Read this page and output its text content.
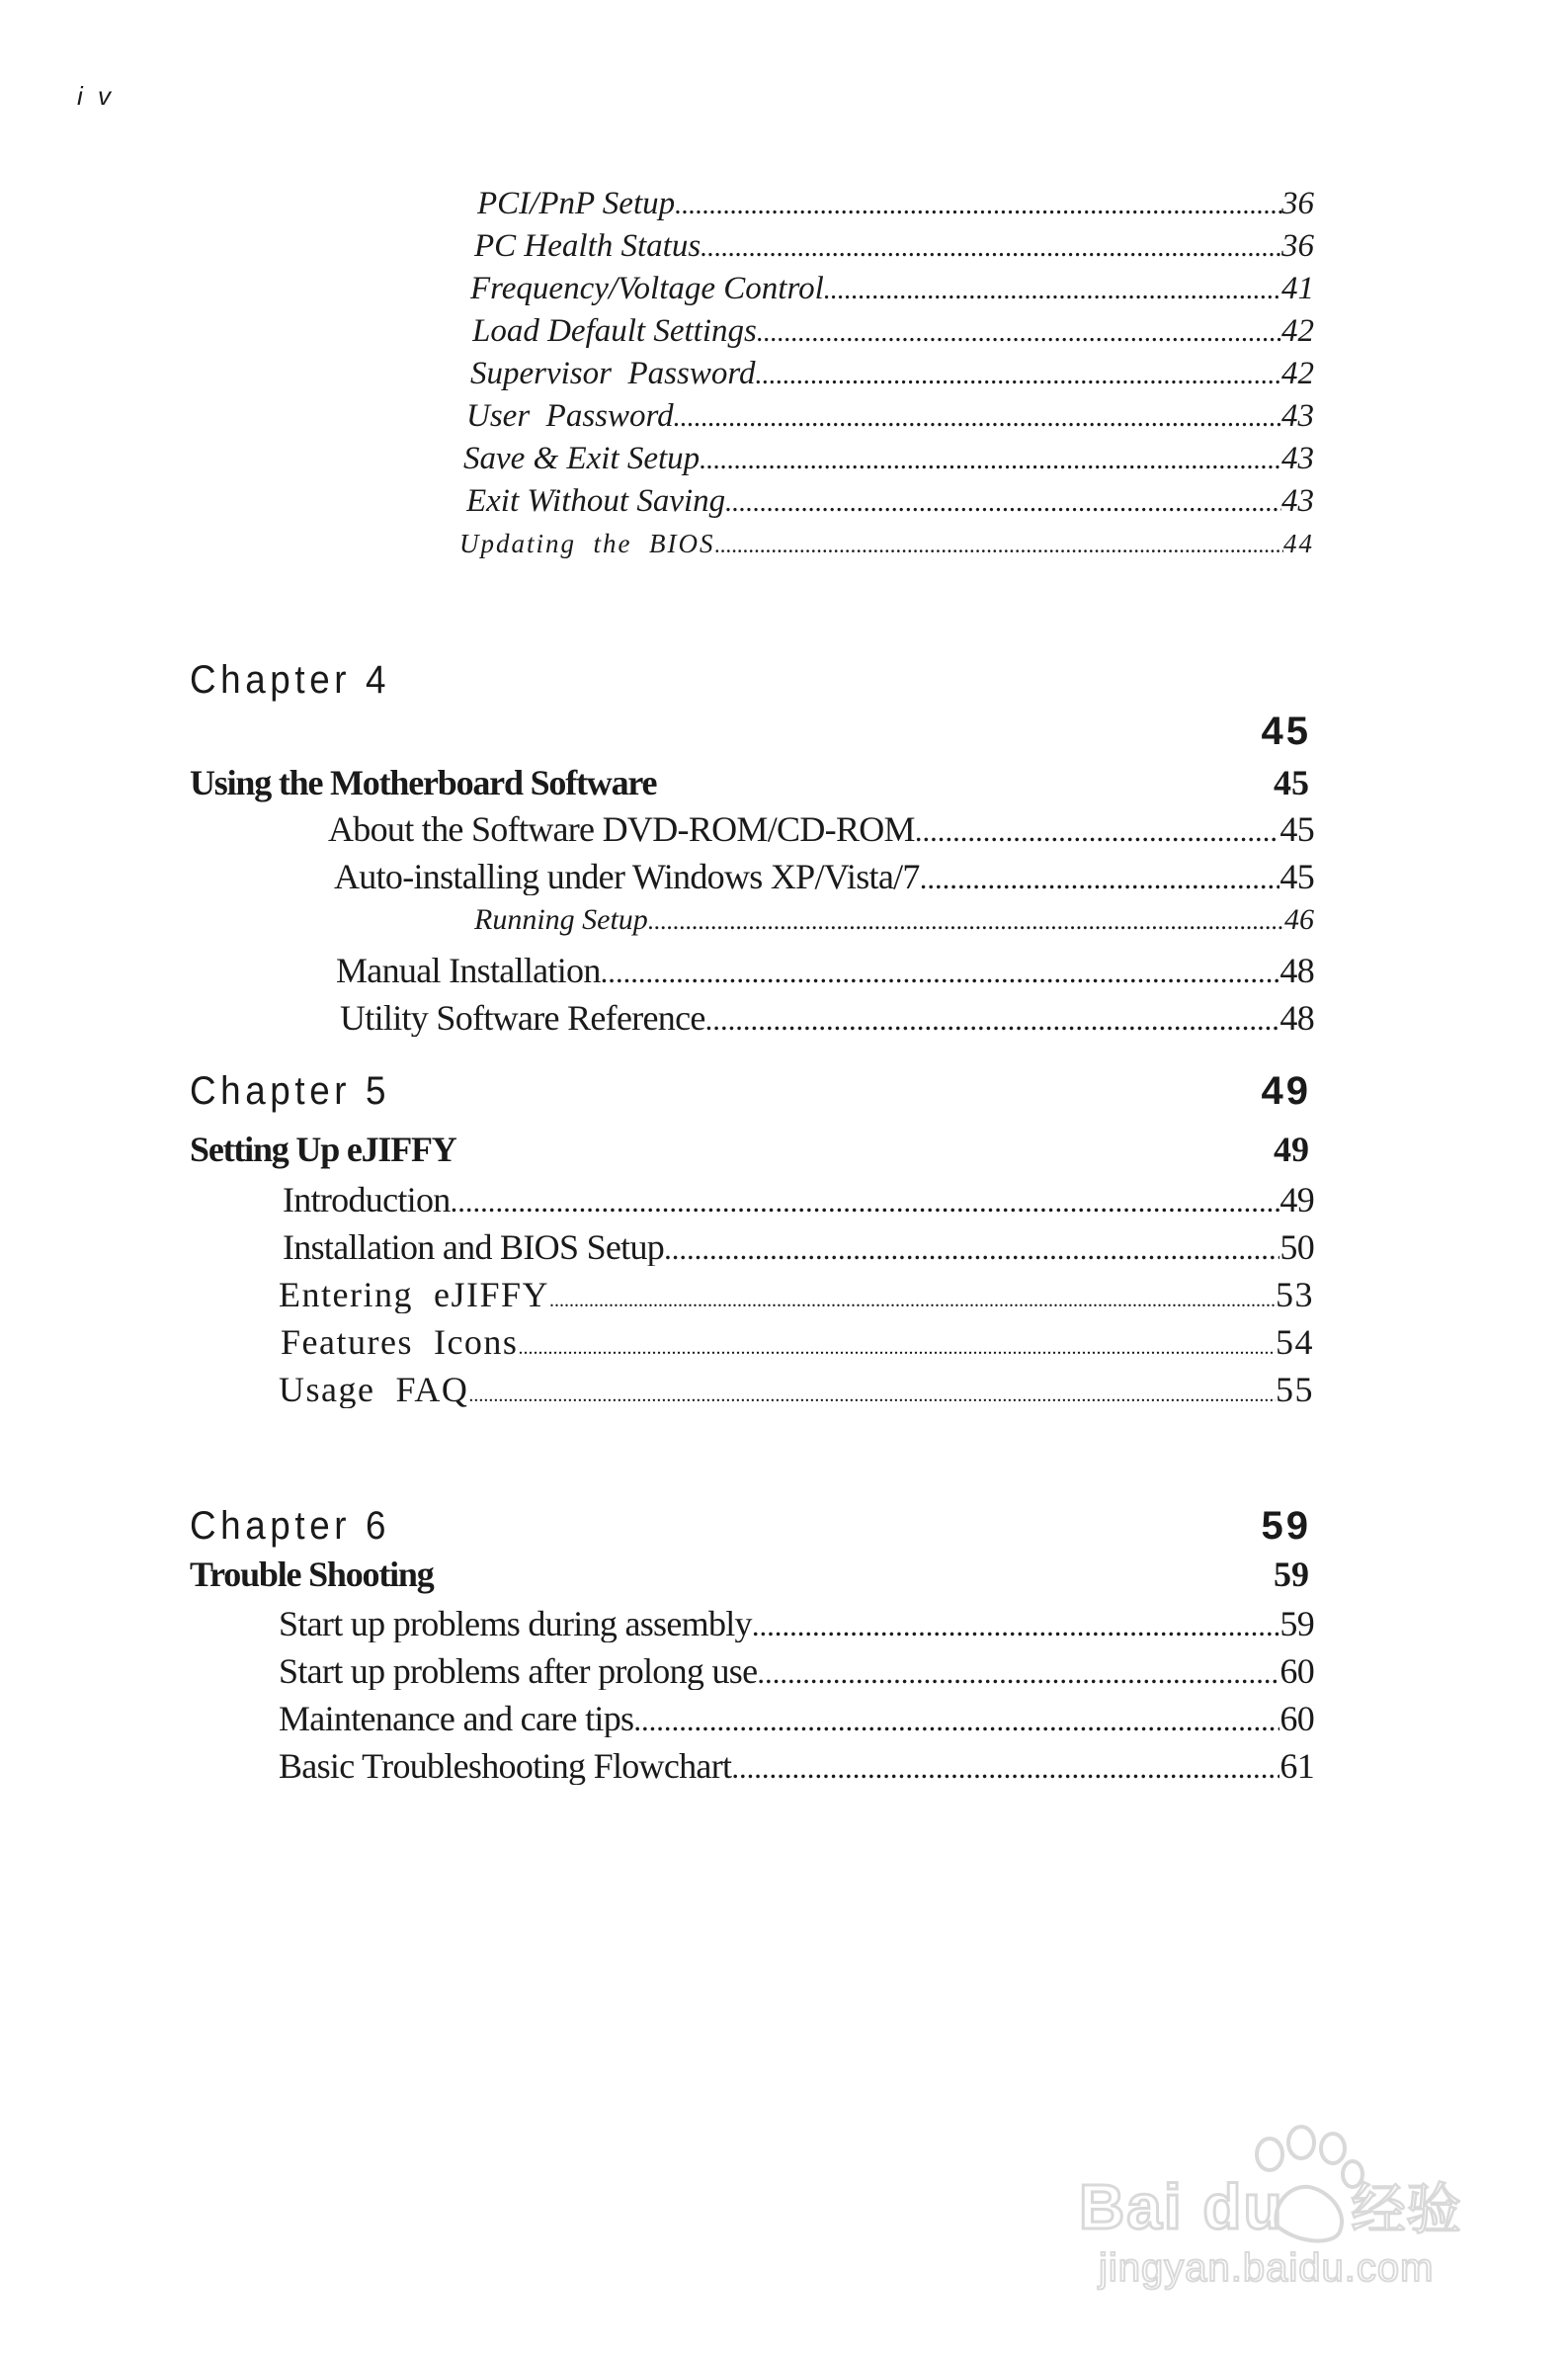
i v
PCI/PnP Setup .....	36
PC Health Status .....	36
Frequency/Voltage Control .....	41
Load Default Settings .....	42
Supervisor  Password .....	42
User  Password .....	43
Save & Exit Setup .....	43
Exit Without Saving .....	43
Updating  the  BIOS .....	44
Chapter 4
45
Using the Motherboard Software	45
About the Software DVD-ROM/CD-ROM .....	45
Auto-installing under Windows XP/Vista/7 .....	45
Running Setup .....	46
Manual Installation .....	48
Utility Software Reference .....	48
Chapter 5	49
Setting Up eJIFFY	49
Introduction .....	49
Installation and BIOS Setup .....	50
Entering  eJIFFY .....	53
Features  Icons .....	54
Usage  FAQ .....	55
Chapter 6	59
Trouble Shooting	59
Start up problems during assembly .....	59
Start up problems after prolong use .....	60
Maintenance and care tips .....	60
Basic Troubleshooting Flowchart .....	61
Bai du 经验
jingyan.baidu.com
